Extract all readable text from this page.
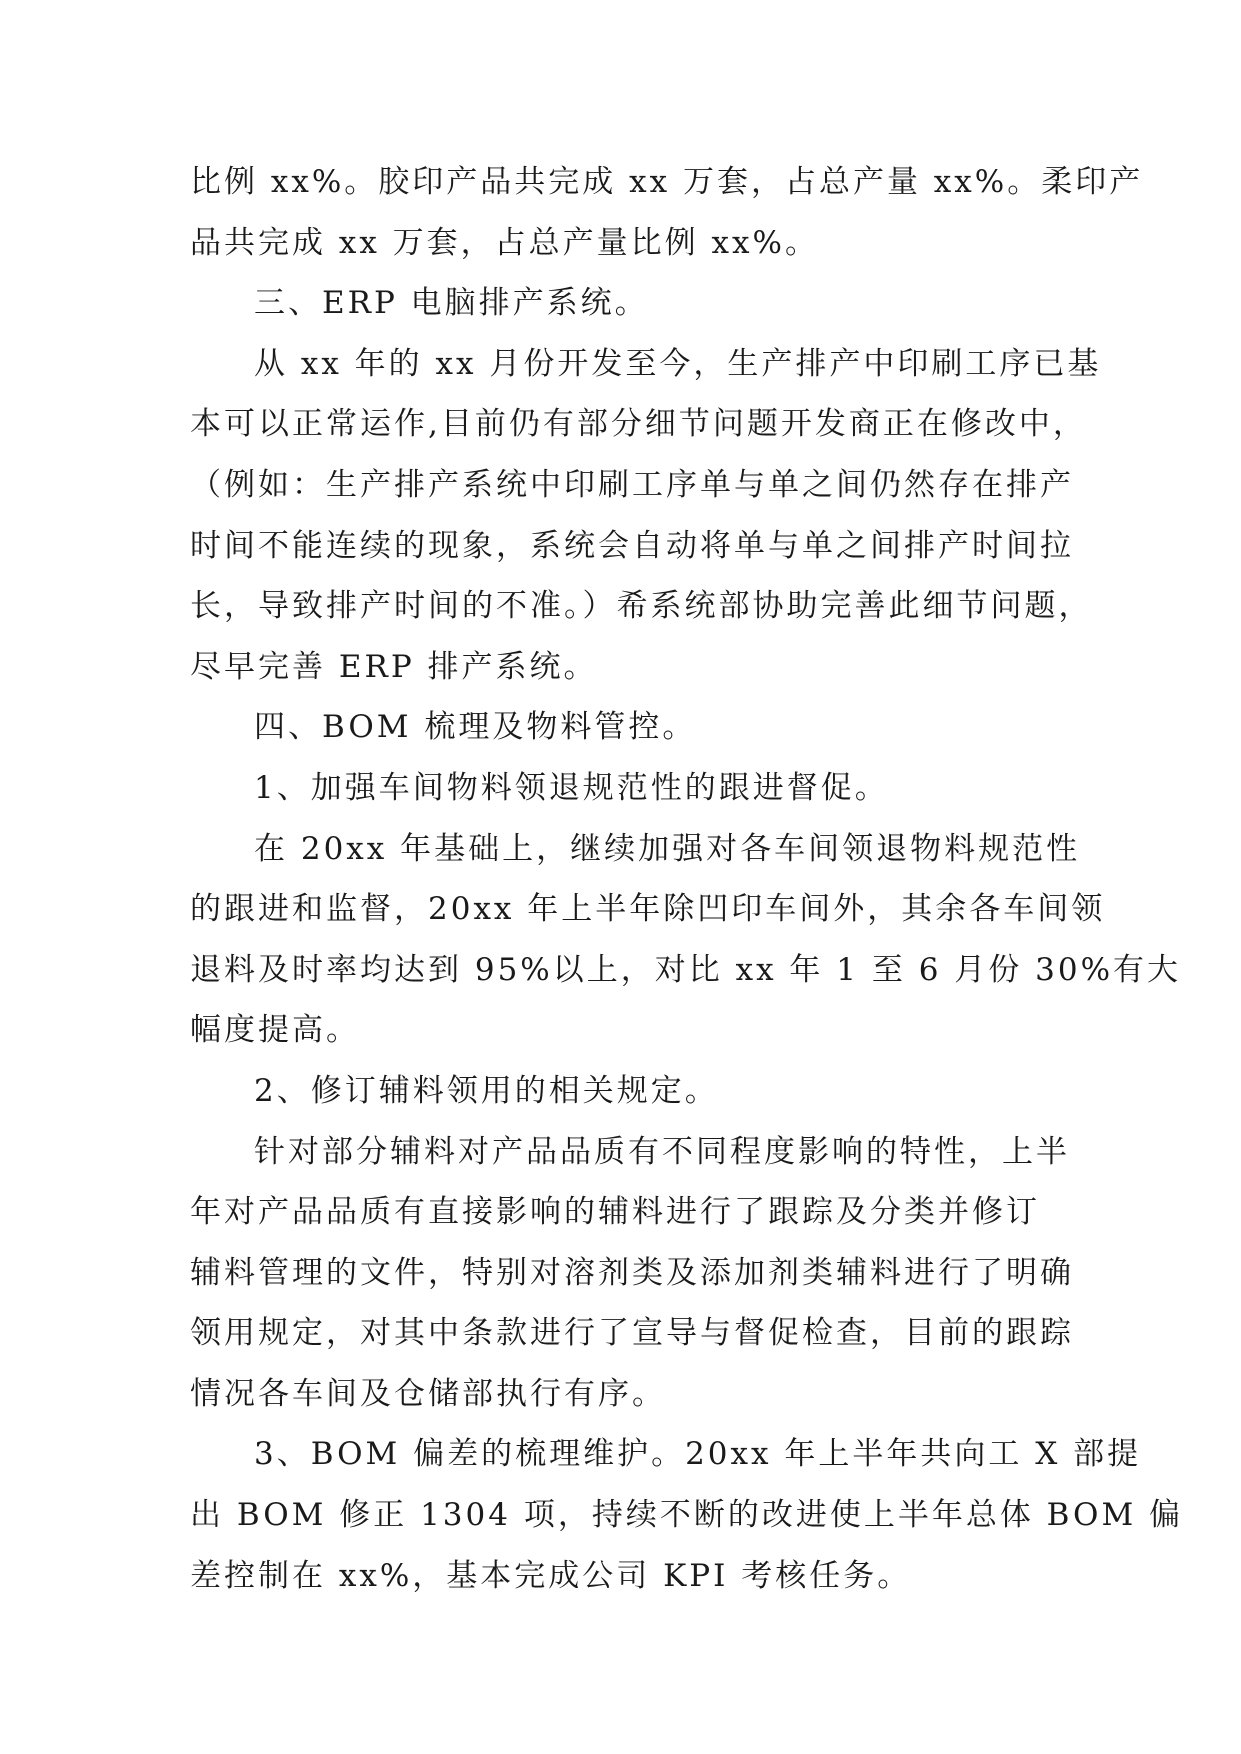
比例 xx%。胶印产品共完成 xx 万套，占总产量 xx%。柔印产
品共完成 xx 万套，占总产量比例 xx%。
三、ERP 电脑排产系统。
从 xx 年的 xx 月份开发至今，生产排产中印刷工序已基
本可以正常运作,目前仍有部分细节问题开发商正在修改中，
（例如：生产排产系统中印刷工序单与单之间仍然存在排产
时间不能连续的现象，系统会自动将单与单之间排产时间拉
长，导致排产时间的不准。）希系统部协助完善此细节问题，
尽早完善 ERP 排产系统。
四、BOM 梳理及物料管控。
1、加强车间物料领退规范性的跟进督促。
在 20xx 年基础上，继续加强对各车间领退物料规范性
的跟进和监督，20xx 年上半年除凹印车间外，其余各车间领
退料及时率均达到 95%以上，对比 xx 年 1 至 6 月份 30%有大
幅度提高。
2、修订辅料领用的相关规定。
针对部分辅料对产品品质有不同程度影响的特性，上半
年对产品品质有直接影响的辅料进行了跟踪及分类并修订
辅料管理的文件，特别对溶剂类及添加剂类辅料进行了明确
领用规定，对其中条款进行了宣导与督促检查，目前的跟踪
情况各车间及仓储部执行有序。
3、BOM 偏差的梳理维护。20xx 年上半年共向工 X 部提
出 BOM 修正 1304 项，持续不断的改进使上半年总体 BOM 偏
差控制在 xx%，基本完成公司 KPI 考核任务。
